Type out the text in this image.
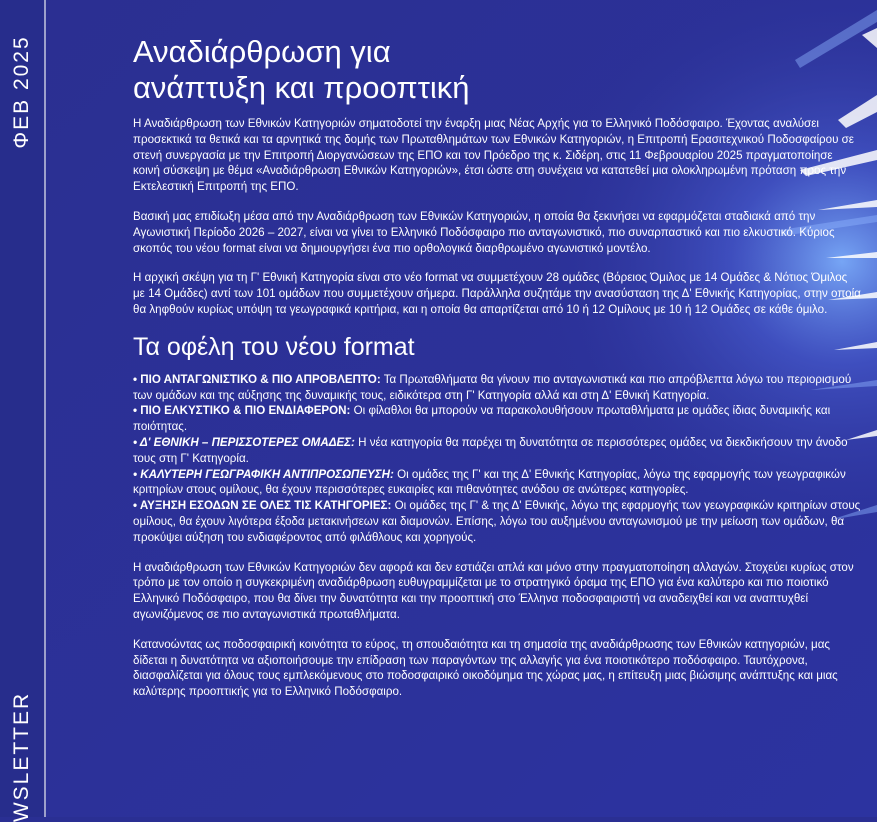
ΦΕΒ 2025
WSLETTER
Αναδιάρθρωση για
ανάπτυξη και προοπτική

Η Αναδιάρθρωση των Εθνικών Κατηγοριών σηματοδοτεί την έναρξη μιας Νέας Αρχής για το Ελληνικό Ποδόσφαιρο. Έχοντας αναλύσει προσεκτικά τα θετικά και τα αρνητικά της δομής των Πρωταθλημάτων των Εθνικών Κατηγοριών, η Επιτροπή Ερασιτεχνικού Ποδοσφαίρου σε στενή συνεργασία με την Επιτροπή Διοργανώσεων της ΕΠΟ και τον Πρόεδρο της κ. Σιδέρη, στις 11 Φεβρουαρίου 2025 πραγματοποίησε κοινή σύσκεψη με θέμα «Αναδιάρθρωση Εθνικών Κατηγοριών», έτσι ώστε στη συνέχεια να κατατεθεί μια ολοκληρωμένη πρόταση προς την Εκτελεστική Επιτροπή της ΕΠΟ.

Βασική μας επιδίωξη μέσα από την Αναδιάρθρωση των Εθνικών Κατηγοριών, η οποία θα ξεκινήσει να εφαρμόζεται σταδιακά από την Αγωνιστική Περίοδο 2026 – 2027, είναι να γίνει το Ελληνικό Ποδόσφαιρο πιο ανταγωνιστικό, πιο συναρπαστικό και πιο ελκυστικό. Κύριος σκοπός του νέου format είναι να δημιουργήσει ένα πιο ορθολογικά διαρθρωμένο αγωνιστικό μοντέλο.

Η αρχική σκέψη για τη Γ' Εθνική Κατηγορία είναι στο νέο format να συμμετέχουν 28 ομάδες (Βόρειος Όμιλος με 14 Ομάδες & Νότιος Όμιλος με 14 Ομάδες) αντί των 101 ομάδων που συμμετέχουν σήμερα. Παράλληλα συζητάμε την ανασύσταση της Δ' Εθνικής Κατηγορίας, στην οποία θα ληφθούν κυρίως υπόψη τα γεωγραφικά κριτήρια, και η οποία θα απαρτίζεται από 10 ή 12 Ομίλους με 10 ή 12 Ομάδες σε κάθε όμιλο.

Τα οφέλη του νέου format

• ΠΙΟ ΑΝΤΑΓΩΝΙΣΤΙΚΟ & ΠΙΟ ΑΠΡΟΒΛΕΠΤΟ: Τα Πρωταθλήματα θα γίνουν πιο ανταγωνιστικά και πιο απρόβλεπτα λόγω του περιορισμού των ομάδων και της αύξησης της δυναμικής τους, ειδικότερα στη Γ' Κατηγορία αλλά και στη Δ' Εθνική Κατηγορία.

• ΠΙΟ ΕΛΚΥΣΤΙΚΟ & ΠΙΟ ΕΝΔΙΑΦΕΡΟΝ: Οι φίλαθλοι θα μπορούν να παρακολουθήσουν πρωταθλήματα με ομάδες ίδιας δυναμικής και ποιότητας.

• Δ' ΕΘΝΙΚΗ – ΠΕΡΙΣΣΟΤΕΡΕΣ ΟΜΑΔΕΣ: Η νέα κατηγορία θα παρέχει τη δυνατότητα σε περισσότερες ομάδες να διεκδικήσουν την άνοδο τους στη Γ' Κατηγορία.

• ΚΑΛΥΤΕΡΗ ΓΕΩΓΡΑΦΙΚΗ ΑΝΤΙΠΡΟΣΩΠΕΥΣΗ: Οι ομάδες της Γ' και της Δ' Εθνικής Κατηγορίας, λόγω της εφαρμογής των γεωγραφικών κριτηρίων στους ομίλους, θα έχουν περισσότερες ευκαιρίες και πιθανότητες ανόδου σε ανώτερες κατηγορίες.

• ΑΥΞΗΣΗ ΕΣΟΔΩΝ ΣΕ ΟΛΕΣ ΤΙΣ ΚΑΤΗΓΟΡΙΕΣ: Οι ομάδες της Γ' & της Δ' Εθνικής, λόγω της εφαρμογής των γεωγραφικών κριτηρίων στους ομίλους, θα έχουν λιγότερα έξοδα μετακινήσεων και διαμονών. Επίσης, λόγω του αυξημένου ανταγωνισμού με την μείωση των ομάδων, θα προκύψει αύξηση του ενδιαφέροντος από φιλάθλους και χορηγούς.

Η αναδιάρθρωση των Εθνικών Κατηγοριών δεν αφορά και δεν εστιάζει απλά και μόνο στην πραγματοποίηση αλλαγών. Στοχεύει κυρίως στον τρόπο με τον οποίο η συγκεκριμένη αναδιάρθρωση ευθυγραμμίζεται με το στρατηγικό όραμα της ΕΠΟ για ένα καλύτερο και πιο ποιοτικό Ελληνικό Ποδόσφαιρο, που θα δίνει την δυνατότητα και την προοπτική στο Έλληνα ποδοσφαιριστή να αναδειχθεί και να αναπτυχθεί αγωνιζόμενος σε πιο ανταγωνιστικά πρωταθλήματα.

Κατανοώντας ως ποδοσφαιρική κοινότητα το εύρος, τη σπουδαιότητα και τη σημασία της αναδιάρθρωσης των Εθνικών κατηγοριών, μας δίδεται η δυνατότητα να αξιοποιήσουμε την επίδραση των παραγόντων της αλλαγής για ένα ποιοτικότερο ποδόσφαιρο. Ταυτόχρονα, διασφαλίζεται για όλους τους εμπλεκόμενους στο ποδοσφαιρικό οικοδόμημα της χώρας μας, η επίτευξη μιας βιώσιμης ανάπτυξης και μιας καλύτερης προοπτικής για το Ελληνικό Ποδόσφαιρο.
